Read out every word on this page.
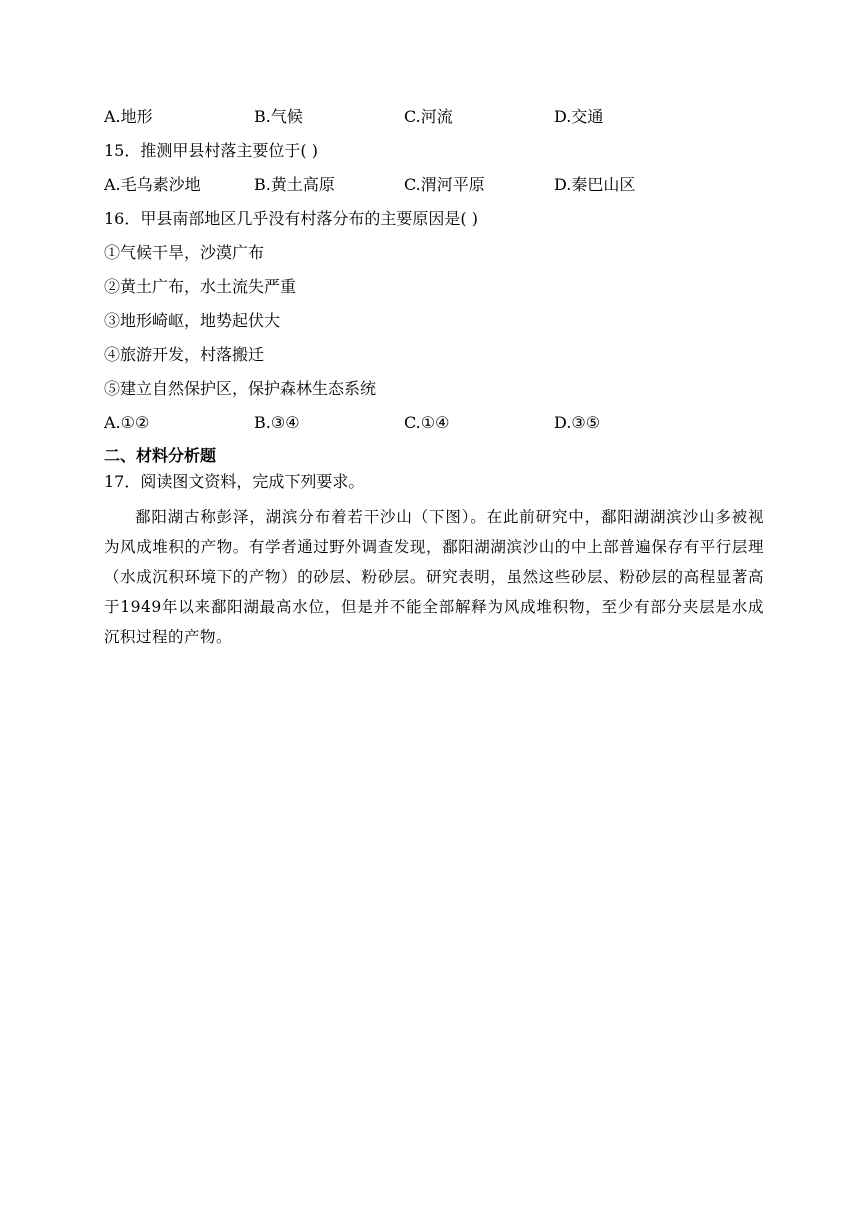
A.地形	B.气候	C.河流	D.交通
15．推测甲县村落主要位于( )
A.毛乌素沙地	B.黄土高原	C.渭河平原	D.秦巴山区
16．甲县南部地区几乎没有村落分布的主要原因是( )
①气候干旱，沙漠广布
②黄土广布，水土流失严重
③地形崎岖，地势起伏大
④旅游开发，村落搬迁
⑤建立自然保护区，保护森林生态系统
A.①②	B.③④	C.①④	D.③⑤
二、材料分析题
17．阅读图文资料，完成下列要求。
鄱阳湖古称彭泽，湖滨分布着若干沙山（下图）。在此前研究中，鄱阳湖湖滨沙山多被视为风成堆积的产物。有学者通过野外调查发现，鄱阳湖湖滨沙山的中上部普遍保存有平行层理（水成沉积环境下的产物）的砂层、粉砂层。研究表明，虽然这些砂层、粉砂层的高程显著高于1949年以来鄱阳湖最高水位，但是并不能全部解释为风成堆积物，至少有部分夹层是水成沉积过程的产物。
